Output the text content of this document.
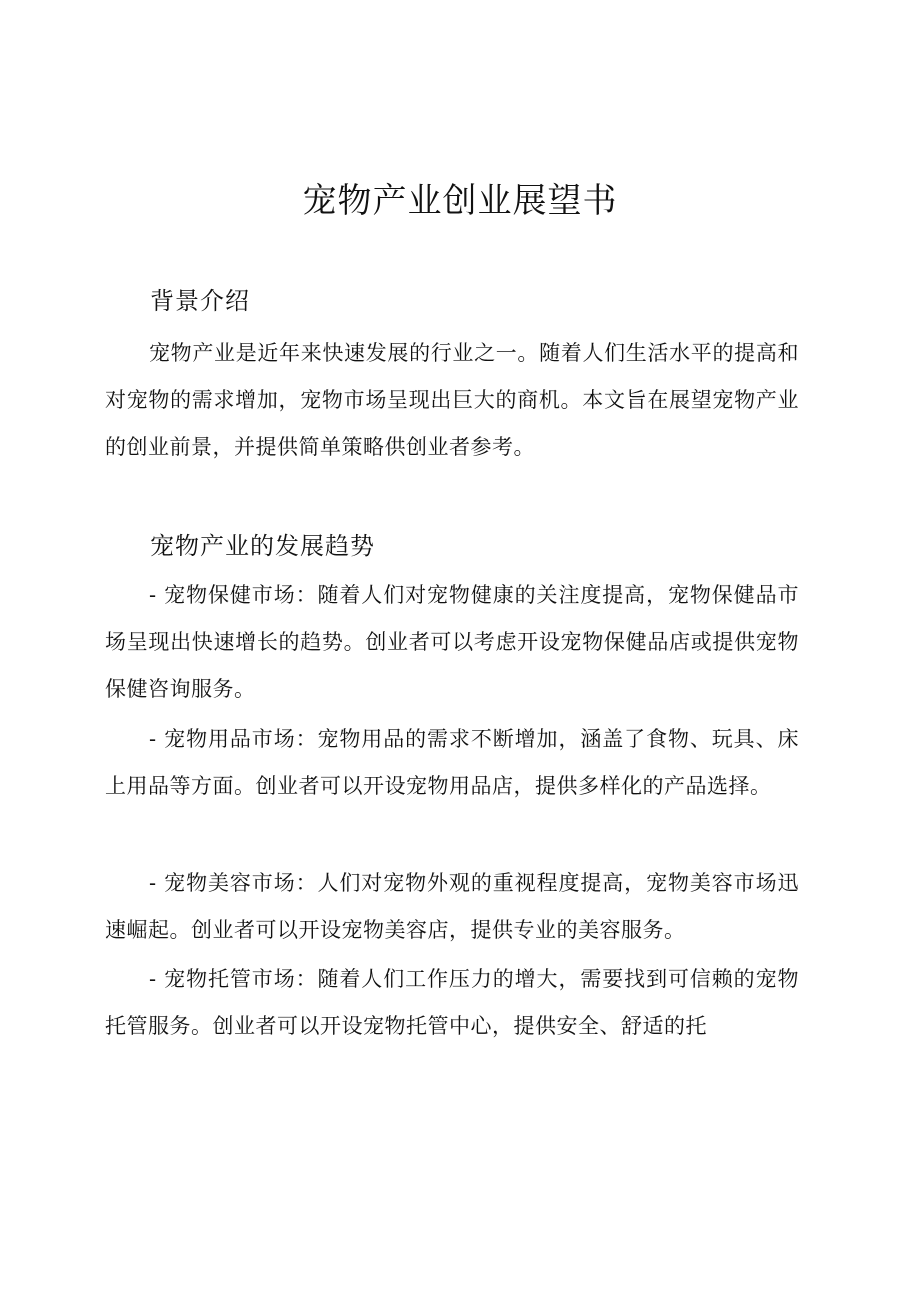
宠物产业创业展望书
背景介绍

宠物产业是近年来快速发展的行业之一。随着人们生活水平的提高和对宠物的需求增加，宠物市场呈现出巨大的商机。本文旨在展望宠物产业的创业前景，并提供简单策略供创业者参考。

宠物产业的发展趋势

- 宠物保健市场：随着人们对宠物健康的关注度提高，宠物保健品市场呈现出快速增长的趋势。创业者可以考虑开设宠物保健品店或提供宠物保健咨询服务。

- 宠物用品市场：宠物用品的需求不断增加，涵盖了食物、玩具、床上用品等方面。创业者可以开设宠物用品店，提供多样化的产品选择。

- 宠物美容市场：人们对宠物外观的重视程度提高，宠物美容市场迅速崛起。创业者可以开设宠物美容店，提供专业的美容服务。

- 宠物托管市场：随着人们工作压力的增大，需要找到可信赖的宠物托管服务。创业者可以开设宠物托管中心，提供安全、舒适的托
